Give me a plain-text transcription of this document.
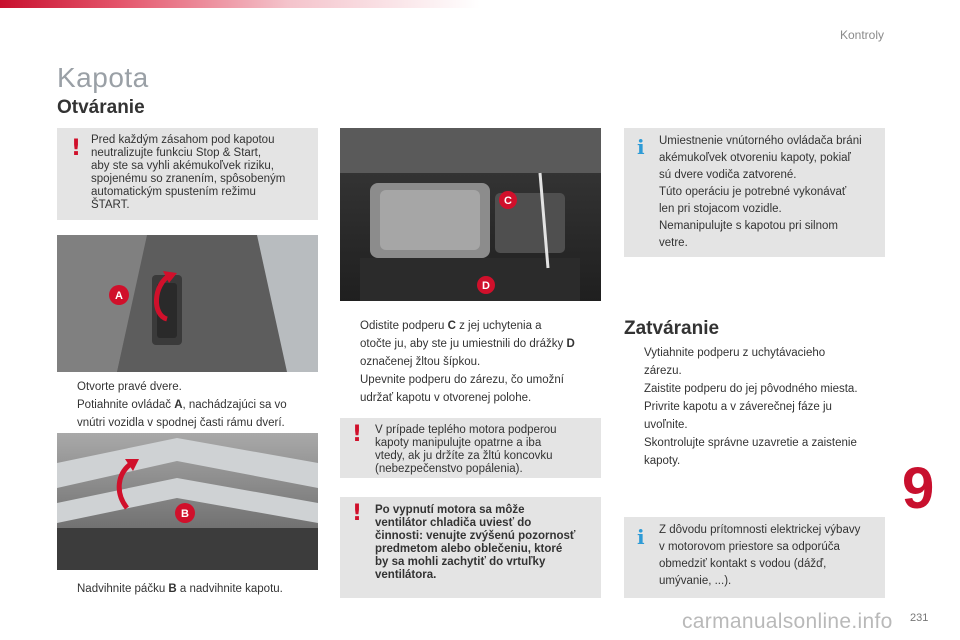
Kontroly
Kapota
Otváranie
! Pred každým zásahom pod kapotou

neutralizujte funkciu Stop & Start,

aby ste sa vyhli akémukoľvek riziku,

spojenému so zranením, spôsobeným

automatickým spustením režimu

ŠTART.

A
Otvorte pravé dvere.
Potiahnite ovládač A, nachádzajúci sa vo
vnútri vozidla v spodnej časti rámu dverí.
B
Nadvihnite páčku B a nadvihnite kapotu.
C
D
Odistite podperu C z jej uchytenia a
otočte ju, aby ste ju umiestnili do drážky D
označenej žltou šípkou.
Upevnite podperu do zárezu, čo umožní
udržať kapotu v otvorenej polohe.
! V prípade teplého motora podperou

kapoty manipulujte opatrne a iba

vtedy, ak ju držíte za žltú koncovku

(nebezpečenstvo popálenia).

! Po vypnutí motora sa môže

ventilátor chladiča uviesť do

činnosti: venujte zvýšenú pozornosť

predmetom alebo oblečeniu, ktoré

by sa mohli zachytiť do vrtuľky

ventilátora.

i Umiestnenie vnútorného ovládača bráni

akémukoľvek otvoreniu kapoty, pokiaľ

sú dvere vodiča zatvorené.

Túto operáciu je potrebné vykonávať

len pri stojacom vozidle.

Nemanipulujte s kapotou pri silnom

vetre.

Zatváranie
Vytiahnite podperu z uchytávacieho
zárezu.
Zaistite podperu do jej pôvodného miesta.
Privrite kapotu a v záverečnej fáze ju
uvoľnite.
Skontrolujte správne uzavretie a zaistenie
kapoty.
i Z dôvodu prítomnosti elektrickej výbavy

v motorovom priestore sa odporúča

obmedziť kontakt s vodou (dážď,

umývanie, ...).

9
carmanualsonline.info 231
